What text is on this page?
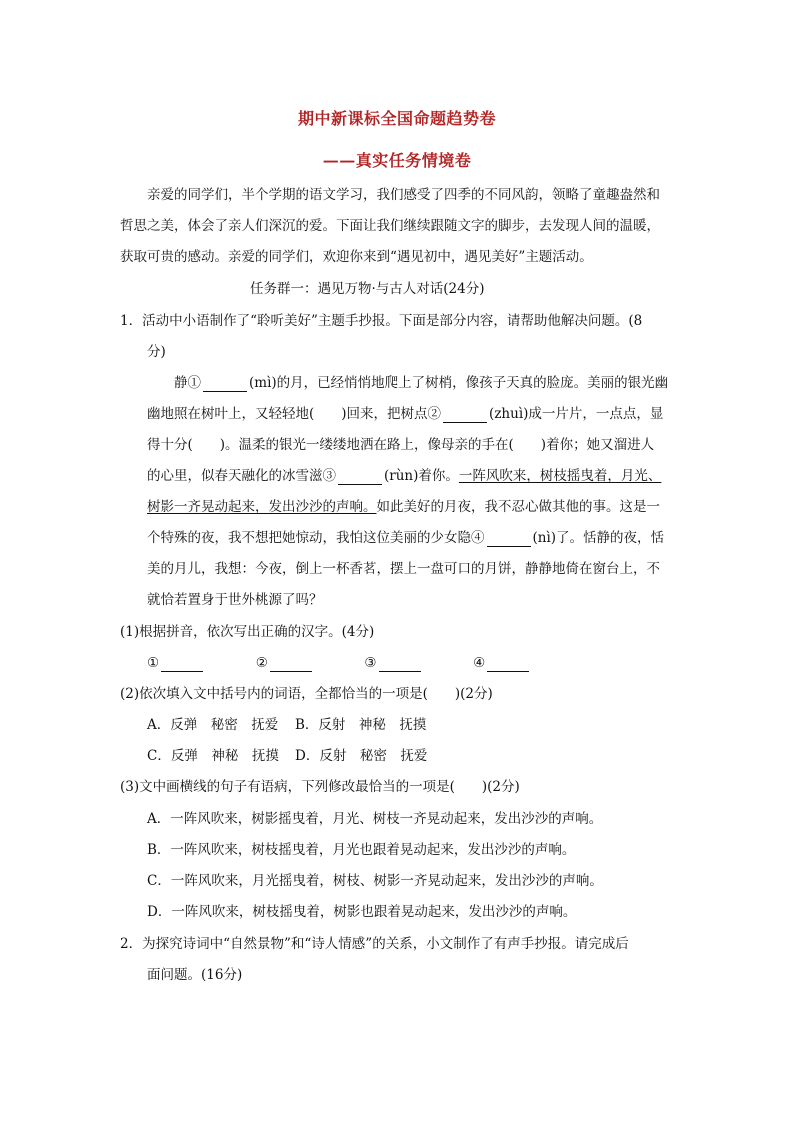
期中新课标全国命题趋势卷
——真实任务情境卷
亲爱的同学们，半个学期的语文学习，我们感受了四季的不同风韵，领略了童趣盎然和
哲思之美，体会了亲人们深沉的爱。下面让我们继续跟随文字的脚步，去发现人间的温暖，
获取可贵的感动。亲爱的同学们，欢迎你来到“遇见初中，遇见美好”主题活动。
任务群一：遇见万物·与古人对话(24分)
1．活动中小语制作了“聆听美好”主题手抄报。下面是部分内容，请帮助他解决问题。(8
分)
静①	(mì)的月，已经悄悄地爬上了树梢，像孩子天真的脸庞。美丽的银光幽
幽地照在树叶上，又轻轻地(　　)回来，把树点②	(zhuì)成一片片，一点点，显
得十分(　　)。温柔的银光一缕缕地洒在路上，像母亲的手在(　　)着你；她又溜进人
的心里，似春天融化的冰雪滋③	(rùn)着你。一阵风吹来，树枝摇曳着，月光、
树影一齐晃动起来，发出沙沙的声响。如此美好的月夜，我不忍心做其他的事。这是一
个特殊的夜，我不想把她惊动，我怕这位美丽的少女隐④	(nì)了。恬静的夜，恬
美的月儿，我想：今夜，倒上一杯香茗，摆上一盘可口的月饼，静静地倚在窗台上，不
就恰若置身于世外桃源了吗？
(1)根据拼音，依次写出正确的汉字。(4分)
①	②	③	④
(2)依次填入文中括号内的词语，全都恰当的一项是(　　)(2分)
A．反弹　秘密　抚爱 B．反射　神秘　抚摸
C．反弹　神秘　抚摸 D．反射　秘密　抚爱
(3)文中画横线的句子有语病，下列修改最恰当的一项是(　　)(2分)
A．一阵风吹来，树影摇曳着，月光、树枝一齐晃动起来，发出沙沙的声响。
B．一阵风吹来，树枝摇曳着，月光也跟着晃动起来，发出沙沙的声响。
C．一阵风吹来，月光摇曳着，树枝、树影一齐晃动起来，发出沙沙的声响。
D．一阵风吹来，树枝摇曳着，树影也跟着晃动起来，发出沙沙的声响。
2．为探究诗词中“自然景物”和“诗人情感”的关系，小文制作了有声手抄报。请完成后
面问题。(16分)
